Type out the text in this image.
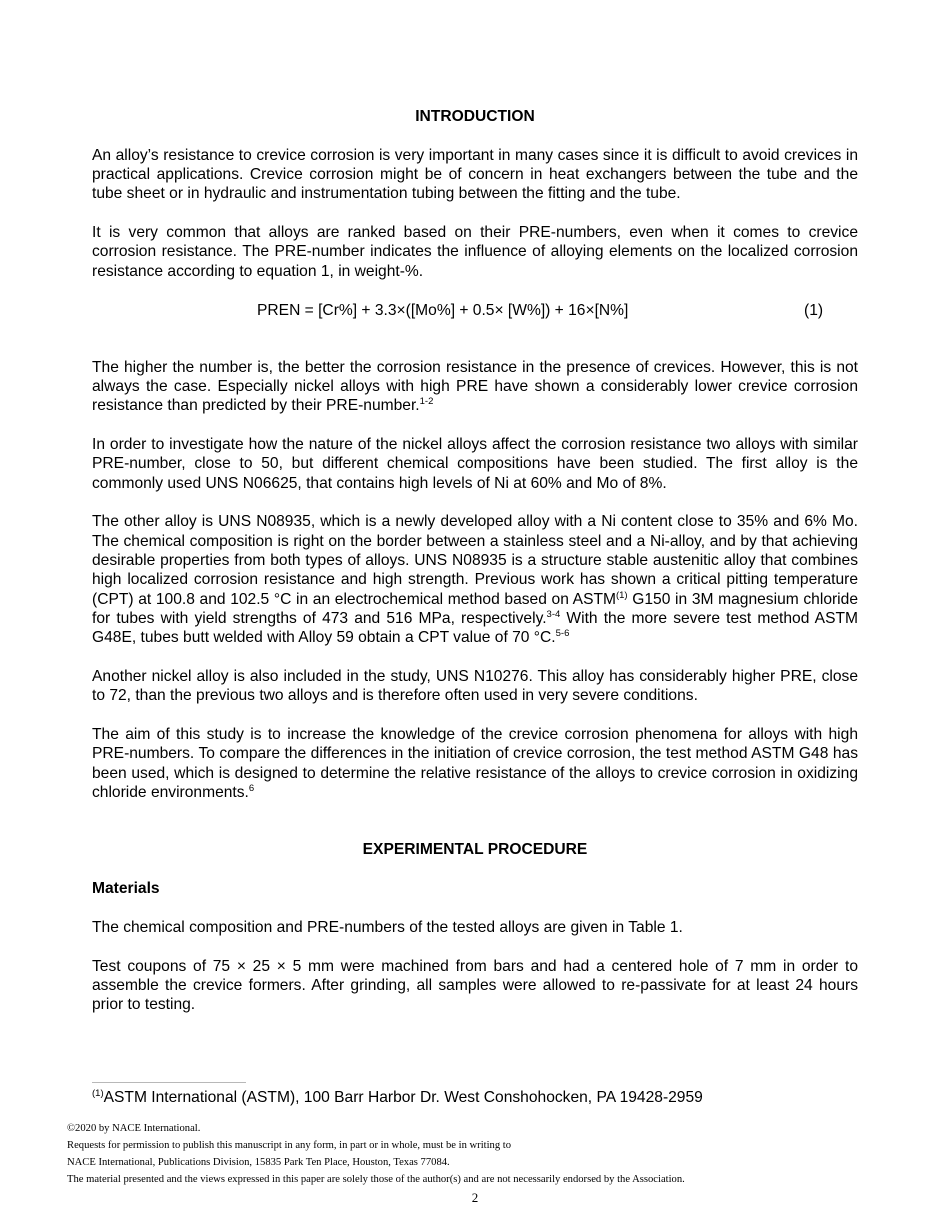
INTRODUCTION

An alloy’s resistance to crevice corrosion is very important in many cases since it is difficult to avoid crevices in practical applications. Crevice corrosion might be of concern in heat exchangers between the tube and the tube sheet or in hydraulic and instrumentation tubing between the fitting and the tube.

It is very common that alloys are ranked based on their PRE-numbers, even when it comes to crevice corrosion resistance. The PRE-number indicates the influence of alloying elements on the localized corrosion resistance according to equation 1, in weight-%.

PREN = [Cr%] + 3.3×([Mo%] + 0.5× [W%]) + 16×[N%]	(1)

The higher the number is, the better the corrosion resistance in the presence of crevices. However, this is not always the case. Especially nickel alloys with high PRE have shown a considerably lower crevice corrosion resistance than predicted by their PRE-number.$^{1-2}$

In order to investigate how the nature of the nickel alloys affect the corrosion resistance two alloys with similar PRE-number, close to 50, but different chemical compositions have been studied. The first alloy is the commonly used UNS N06625, that contains high levels of Ni at 60% and Mo of 8%.

The other alloy is UNS N08935, which is a newly developed alloy with a Ni content close to 35% and 6% Mo. The chemical composition is right on the border between a stainless steel and a Ni-alloy, and by that achieving desirable properties from both types of alloys. UNS N08935 is a structure stable austenitic alloy that combines high localized corrosion resistance and high strength. Previous work has shown a critical pitting temperature (CPT) at 100.8 and 102.5 °C in an electrochemical method based on ASTM$^{(1)}$ G150 in 3M magnesium chloride for tubes with yield strengths of 473 and 516 MPa, respectively.$^{3-4}$ With the more severe test method ASTM G48E, tubes butt welded with Alloy 59 obtain a CPT value of 70 °C.$^{5-6}$

Another nickel alloy is also included in the study, UNS N10276. This alloy has considerably higher PRE, close to 72, than the previous two alloys and is therefore often used in very severe conditions.

The aim of this study is to increase the knowledge of the crevice corrosion phenomena for alloys with high PRE-numbers. To compare the differences in the initiation of crevice corrosion, the test method ASTM G48 has been used, which is designed to determine the relative resistance of the alloys to crevice corrosion in oxidizing chloride environments.$^6$

EXPERIMENTAL PROCEDURE

Materials

The chemical composition and PRE-numbers of the tested alloys are given in Table 1.

Test coupons of 75 × 25 × 5 mm were machined from bars and had a centered hole of 7 mm in order to assemble the crevice formers. After grinding, all samples were allowed to re-passivate for at least 24 hours prior to testing.

$^{(1)}$ASTM International (ASTM), 100 Barr Harbor Dr. West Conshohocken, PA 19428-2959
©2020 by NACE International.
Requests for permission to publish this manuscript in any form, in part or in whole, must be in writing to
NACE International, Publications Division, 15835 Park Ten Place, Houston, Texas 77084.
The material presented and the views expressed in this paper are solely those of the author(s) and are not necessarily endorsed by the Association.
2
